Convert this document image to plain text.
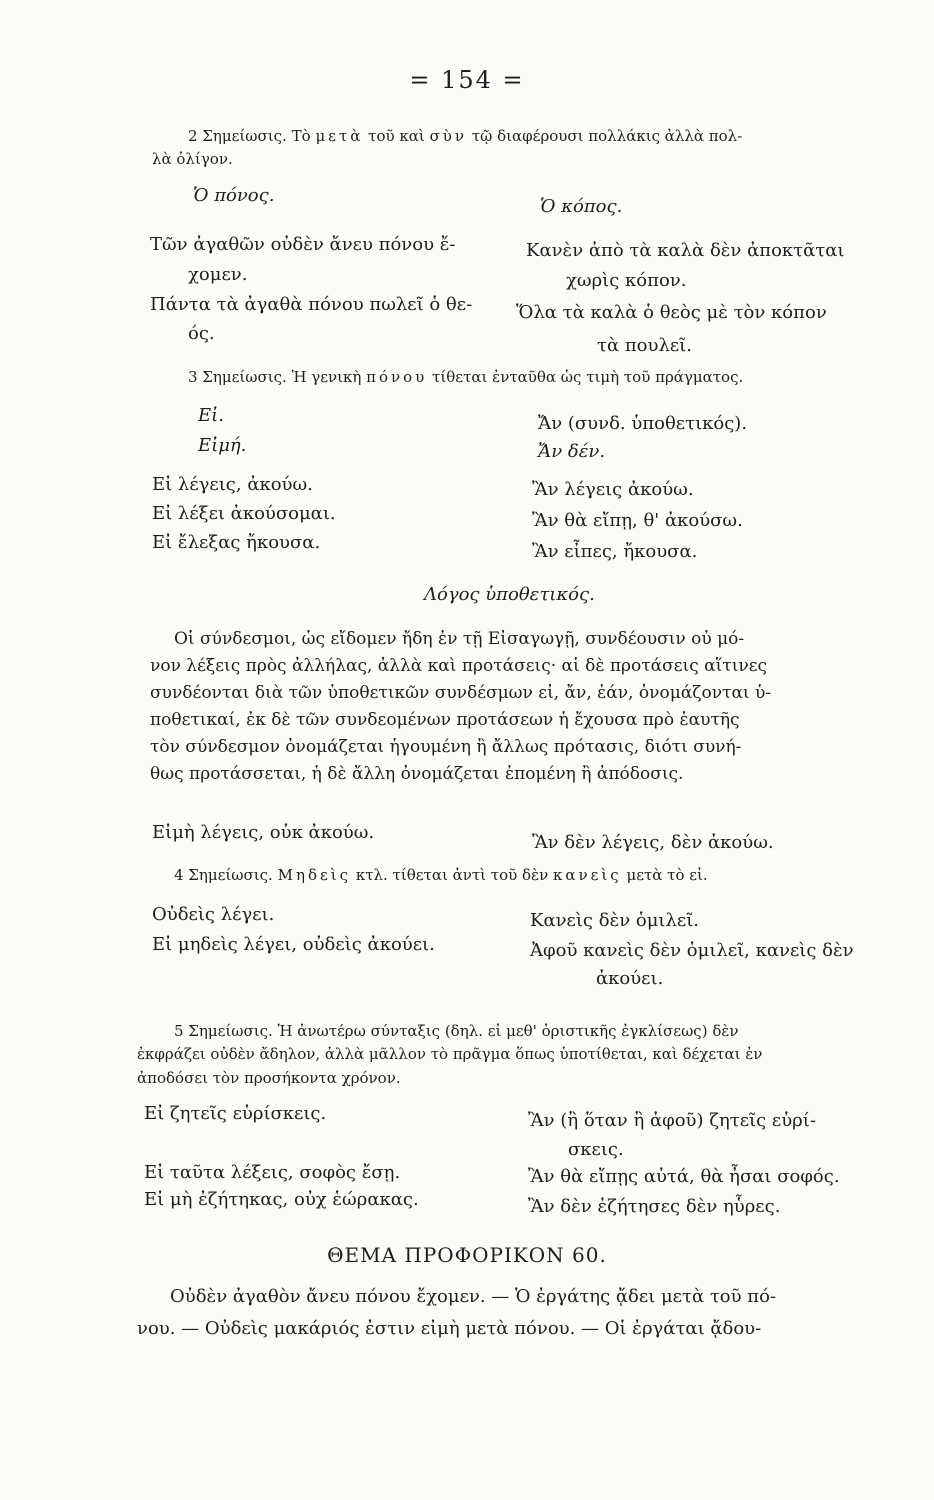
= 154 =
2 Σημείωσις. Τὸ μετὰ τοῦ καὶ σὺν τῷ διαφέρουσι πολλάκις ἀλλὰ πολ-
λὰ ὀλίγον.
Ὁ πόνος.
Ὁ κόπος.
Τῶν ἀγαθῶν οὐδὲν ἄνευ πόνου ἔ-
χομεν.
Πάντα τὰ ἀγαθὰ πόνου πωλεῖ ὁ θε-
ός.
Κανὲν ἀπὸ τὰ καλὰ δὲν ἀποκτᾶται
χωρὶς κόπον.
Ὅλα τὰ καλὰ ὁ θεὸς μὲ τὸν κόπον
τὰ πουλεῖ.
3 Σημείωσις. Ἡ γενικὴ πόνου τίθεται ἐνταῦθα ὡς τιμὴ τοῦ πράγματος.
Εἰ.
Εἰμή.
Ἄν (συνδ. ὑποθετικός).
Ἄν δέν.
Εἰ λέγεις, ἀκούω.
Εἰ λέξει ἀκούσομαι.
Εἰ ἔλεξας ἤκουσα.
Ἂν λέγεις ἀκούω.
Ἂν θὰ εἴπῃ, θ' ἀκούσω.
Ἂν εἶπες, ἤκουσα.
Λόγος ὑποθετικός.

Οἱ σύνδεσμοι, ὡς εἴδομεν ἤδη ἐν τῇ Εἰσαγωγῇ, συνδέουσιν οὐ μό-

νον λέξεις πρὸς ἀλλήλας, ἀλλὰ καὶ προτάσεις· αἱ δὲ προτάσεις αἵτινες

συνδέονται διὰ τῶν ὑποθετικῶν συνδέσμων εἰ, ἄν, ἐάν, ὀνομάζονται ὑ-

ποθετικαί, ἐκ δὲ τῶν συνδεομένων προτάσεων ἡ ἔχουσα πρὸ ἑαυτῆς

τὸν σύνδεσμον ὀνομάζεται ἡγουμένη ἢ ἄλλως πρότασις, διότι συνή-

θως προτάσσεται, ἡ δὲ ἄλλη ὀνομάζεται ἑπομένη ἢ ἀπόδοσις.

Εἰμὴ λέγεις, οὐκ ἀκούω.	Ἂν δὲν λέγεις, δὲν ἀκούω.
4 Σημείωσις. Μηδεὶς κτλ. τίθεται ἀντὶ τοῦ δὲν κανεὶς μετὰ τὸ εἰ.
Οὐδεὶς λέγει.
Εἰ μηδεὶς λέγει, οὐδεὶς ἀκούει.
Κανεὶς δὲν ὁμιλεῖ.
Ἀφοῦ κανεὶς δὲν ὁμιλεῖ, κανεὶς δὲν
ἀκούει.
5 Σημείωσις. Ἡ ἀνωτέρω σύνταξις (δηλ. εἰ μεθ' ὁριστικῆς ἐγκλίσεως) δὲν
ἐκφράζει οὐδὲν ἄδηλον, ἀλλὰ μᾶλλον τὸ πρᾶγμα ὅπως ὑποτίθεται, καὶ δέχεται ἐν
ἀποδόσει τὸν προσήκοντα χρόνον.
Εἰ ζητεῖς εὑρίσκεις.
Εἰ ταῦτα λέξεις, σοφὸς ἔσῃ.
Εἰ μὴ ἐζήτηκας, οὐχ ἑώρακας.
Ἂν (ἢ ὅταν ἢ ἀφοῦ) ζητεῖς εὑρί-
σκεις.
Ἂν θὰ εἴπῃς αὐτά, θὰ ἦσαι σοφός.
Ἂν δὲν ἐζήτησες δὲν ηὗρες.
ΘΕΜΑ ΠΡΟΦΟΡΙΚΟΝ 60.
Οὐδὲν ἀγαθὸν ἄνευ πόνου ἔχομεν. — Ὁ ἐργάτης ᾄδει μετὰ τοῦ πό-
νου. — Οὐδεὶς μακάριός ἐστιν εἰμὴ μετὰ πόνου. — Οἱ ἐργάται ᾄδου-
